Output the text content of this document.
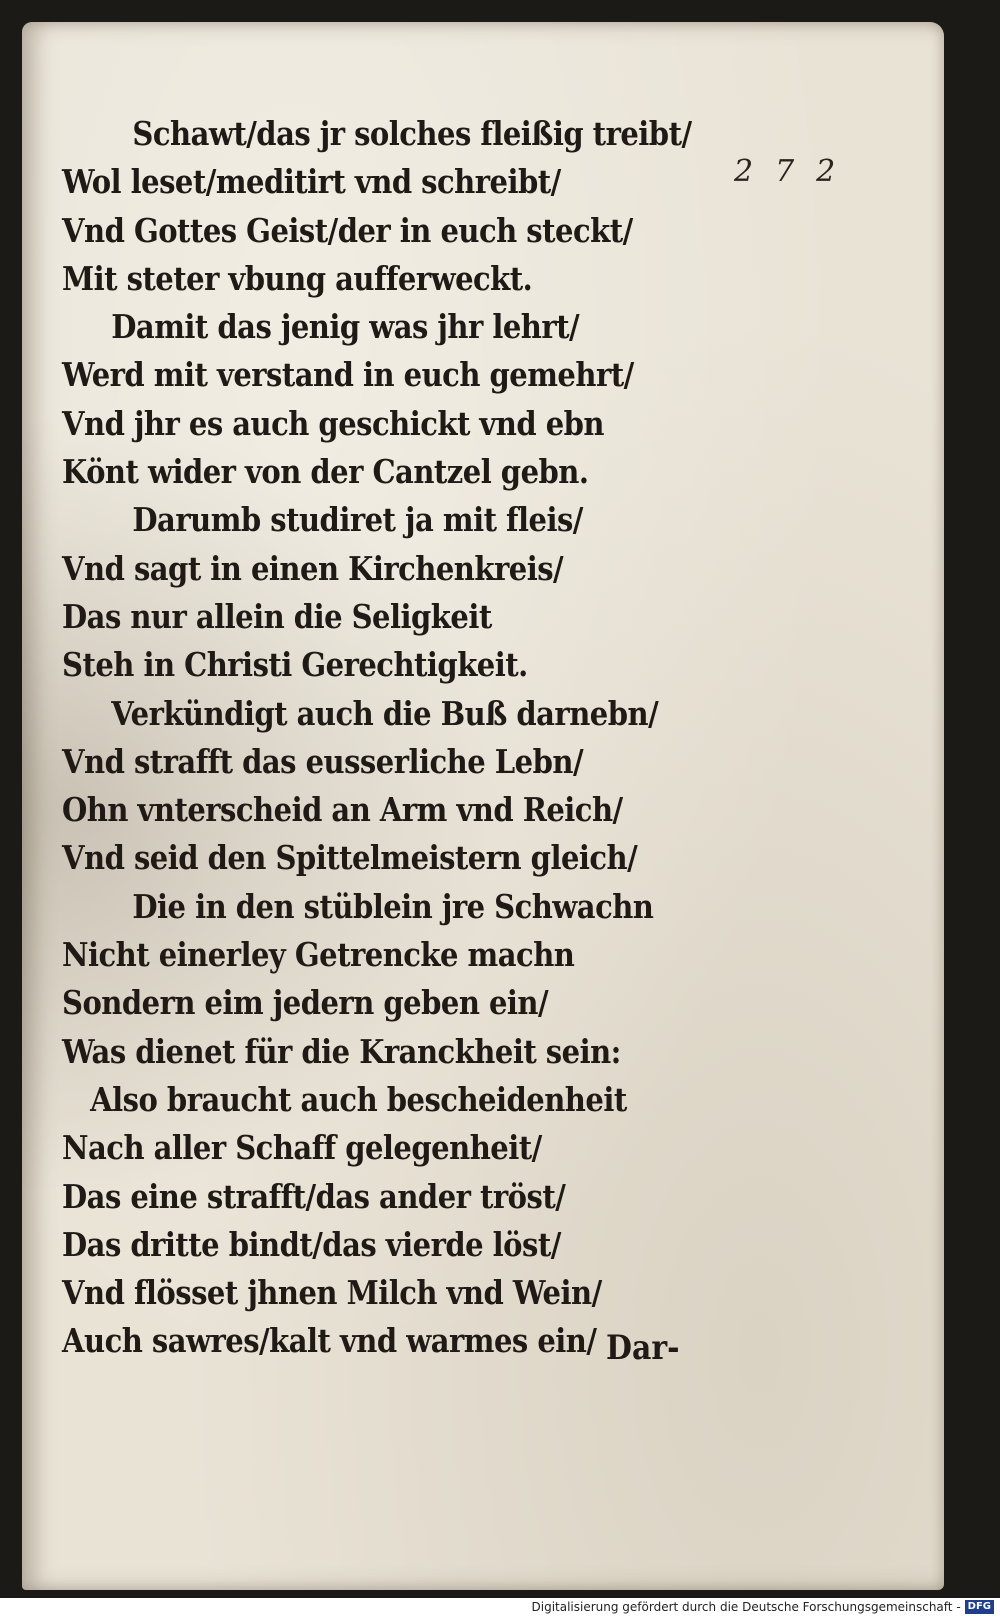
272
Schawt/das jr solches fleißig treibt/
Wol leset/meditirt vnd schreibt/
Vnd Gottes Geist/der in euch steckt/
Mit steter vbung aufferweckt.
Damit das jenig was jhr lehrt/
Werd mit verstand in euch gemehrt/
Vnd jhr es auch geschickt vnd ebn
Könt wider von der Cantzel gebn.
Darumb studiret ja mit fleis/
Vnd sagt in einen Kirchenkreis/
Das nur allein die Seligkeit
Steh in Christi Gerechtigkeit.
Verkündigt auch die Buß darnebn/
Vnd strafft das eusserliche Lebn/
Ohn vnterscheid an Arm vnd Reich/
Vnd seid den Spittelmeistern gleich/
Die in den stüblein jre Schwachn
Nicht einerley Getrencke machn
Sondern eim jedern geben ein/
Was dienet für die Kranckheit sein:
Also braucht auch bescheidenheit
Nach aller Schaff gelegenheit/
Das eine strafft/das ander tröst/
Das dritte bindt/das vierde löst/
Vnd flösset jhnen Milch vnd Wein/
Auch sawres/kalt vnd warmes ein/ Dar-
Digitalisierung gefördert durch die Deutsche Forschungsgemeinschaft - DFG
